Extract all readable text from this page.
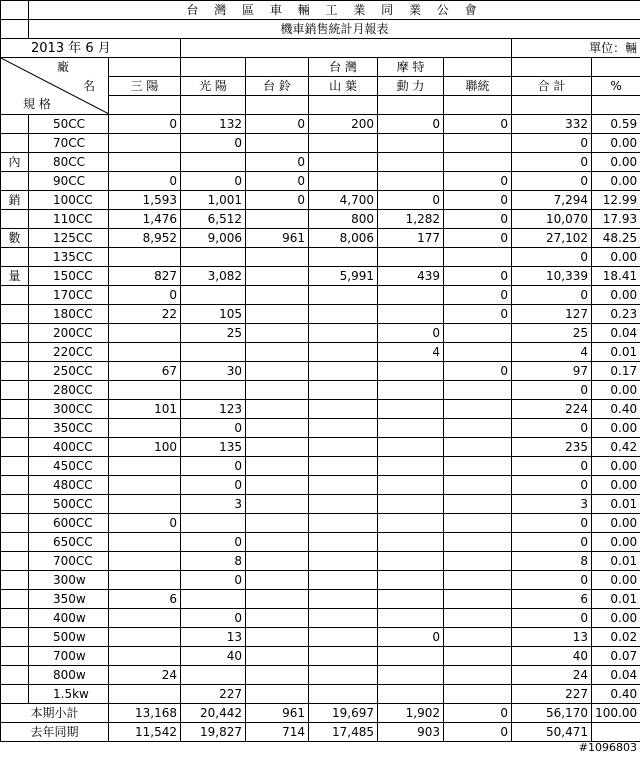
	台 灣 區 車 輛 工 業 同 業 公 會								
	機車銷售統計月報表								
2013 年 6 月								單位：輛	

廠
名
規 格					台 灣	摩 特			
		三 陽	光 陽	台 鈴	山 葉	動 力	聯統	合 計	%

	50CC	0	132	0	200	0	0	332	0.59
	70CC		0					0	0.00
內	80CC			0				0	0.00
	90CC	0	0	0			0	0	0.00
銷	100CC	1,593	1,001	0	4,700	0	0	7,294	12.99
	110CC	1,476	6,512		800	1,282	0	10,070	17.93
數	125CC	8,952	9,006	961	8,006	177	0	27,102	48.25
	135CC							0	0.00
量	150CC	827	3,082		5,991	439	0	10,339	18.41
	170CC	0					0	0	0.00
	180CC	22	105				0	127	0.23
	200CC		25			0		25	0.04
	220CC					4		4	0.01
	250CC	67	30				0	97	0.17
	280CC							0	0.00
	300CC	101	123					224	0.40
	350CC		0					0	0.00
	400CC	100	135					235	0.42
	450CC		0					0	0.00
	480CC		0					0	0.00
	500CC		3					3	0.01
	600CC	0						0	0.00
	650CC		0					0	0.00
	700CC		8					8	0.01
	300w		0					0	0.00
	350w	6						6	0.01
	400w		0					0	0.00
	500w		13			0		13	0.02
	700w		40					40	0.07
	800w	24						24	0.04
	1.5kw		227					227	0.40
本期小計		13,168	20,442	961	19,697	1,902	0	56,170	100.00
去年同期		11,542	19,827	714	17,485	903	0	50,471	
#1096803
